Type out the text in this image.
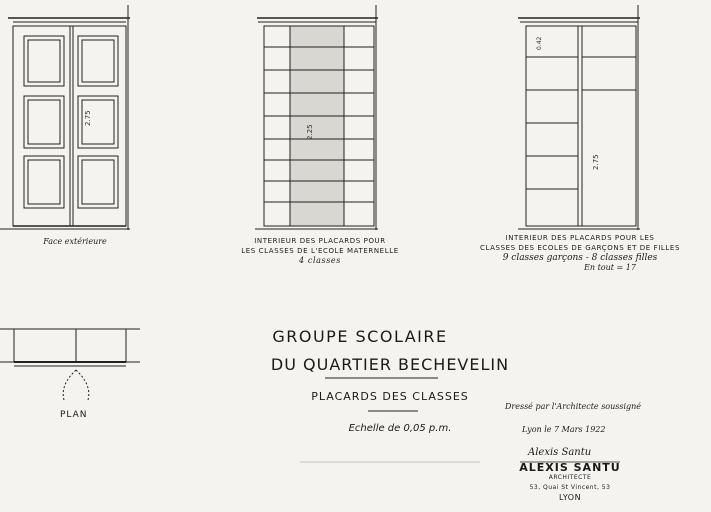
2.75
2.25
0.42
2.75
Face extérieure	INTERIEUR DES PLACARDS POUR
LES CLASSES DE L'ECOLE MATERNELLE
4 classes
INTERIEUR DES PLACARDS POUR LES
CLASSES DES ECOLES DE GARÇONS ET DE FILLES
9 classes garçons - 8 classes filles
En tout = 17
PLAN
GROUPE SCOLAIRE
DU QUARTIER BECHEVELIN
PLACARDS DES CLASSES
Echelle de 0,05 p.m.
Dressé par l'Architecte soussigné
Lyon le 7 Mars 1922
Alexis Santu
ALEXIS SANTU
ARCHITECTE
53, Quai St Vincent, 53
LYON
